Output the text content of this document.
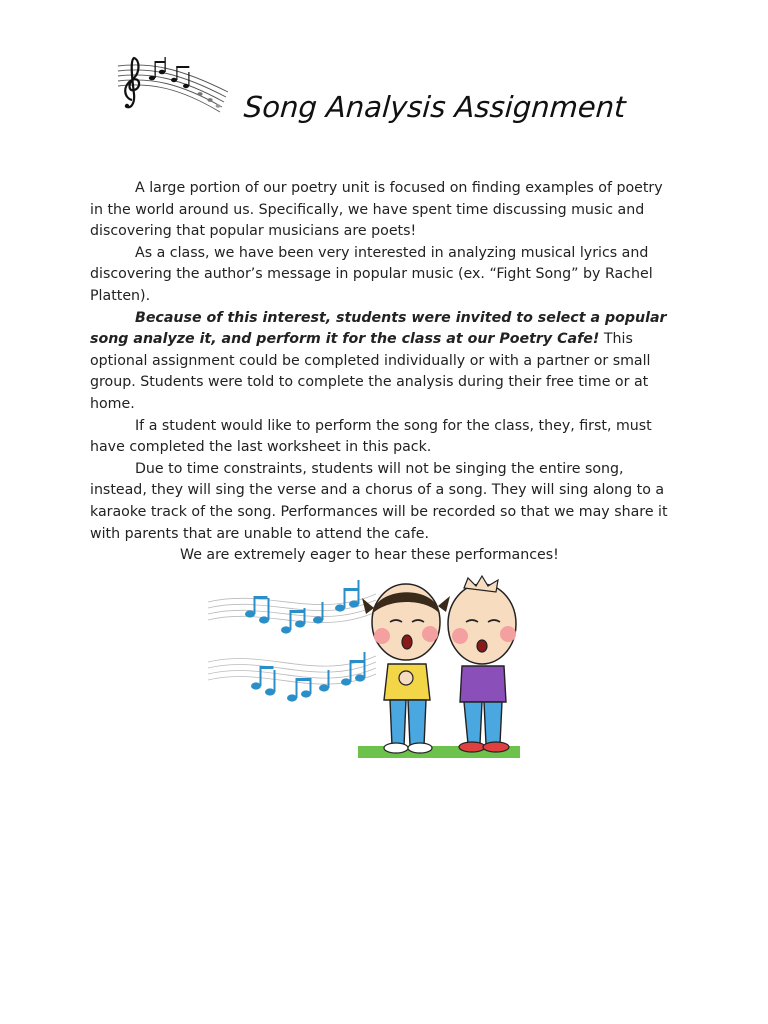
Song Analysis Assignment

A large portion of our poetry unit is focused on finding examples of poetry in the world around us. Specifically, we have spent time discussing music and discovering that popular musicians are poets!

As a class, we have been very interested in analyzing musical lyrics and discovering the author’s message in popular music (ex. “Fight Song” by Rachel Platten).

Because of this interest, students were invited to select a popular song analyze it, and perform it for the class at our Poetry Cafe! This optional assignment could be completed individually or with a partner or small group. Students were told to complete the analysis during their free time or at home.

If a student would like to perform the song for the class, they, first, must have completed the last worksheet in this pack.

Due to time constraints, students will not be singing the entire song, instead, they will sing the verse and a chorus of a song. They will sing along to a karaoke track of the song. Performances will be recorded so that we may share it with parents that are unable to attend the cafe.

We are extremely eager to hear these performances!
